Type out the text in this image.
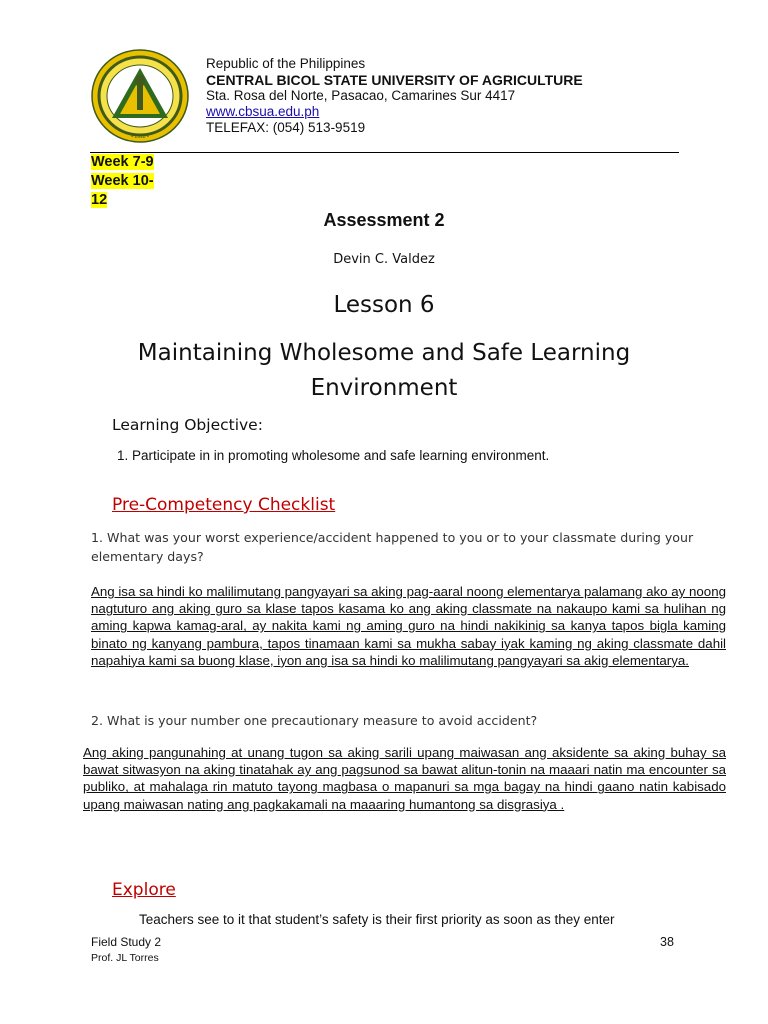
• 1918 •
Republic of the Philippines
CENTRAL BICOL STATE UNIVERSITY OF AGRICULTURE
Sta. Rosa del Norte, Pasacao, Camarines Sur 4417
www.cbsua.edu.ph
TELEFAX: (054) 513-9519
Week 7-9
Week 10-
12
Assessment 2
Devin C. Valdez
Lesson 6
Maintaining Wholesome and Safe Learning Environment
Learning Objective:
1. Participate in in promoting wholesome and safe learning environment.
Pre-Competency Checklist
1. What was your worst experience/accident happened to you or to your classmate during your elementary days?
Ang isa sa hindi ko malilimutang pangyayari sa aking pag-aaral noong elementarya palamang ako ay noong nagtuturo ang aking guro sa klase tapos kasama ko ang aking classmate na nakaupo kami sa hulihan ng aming kapwa kamag-aral, ay nakita kami ng aming guro na hindi nakikinig sa kanya tapos bigla kaming binato ng kanyang pambura, tapos tinamaan kami sa mukha sabay iyak kaming ng aking classmate dahil napahiya kami sa buong klase, iyon ang isa sa hindi ko malilimutang pangyayari sa akig elementarya.
2. What is your number one precautionary measure to avoid accident?
Ang aking pangunahing at unang tugon sa aking sarili upang maiwasan ang aksidente sa aking buhay sa bawat sitwasyon na aking tinatahak ay ang pagsunod sa bawat alitun-tonin na maaari natin ma encounter sa publiko, at mahalaga rin matuto tayong magbasa o mapanuri sa mga bagay na hindi gaano natin kabisado upang maiwasan nating ang pagkakamali na maaaring humantong sa disgrasiya .
Explore
Teachers see to it that student’s safety is their first priority as soon as they enter
Field Study 2
Prof. JL Torres
38
